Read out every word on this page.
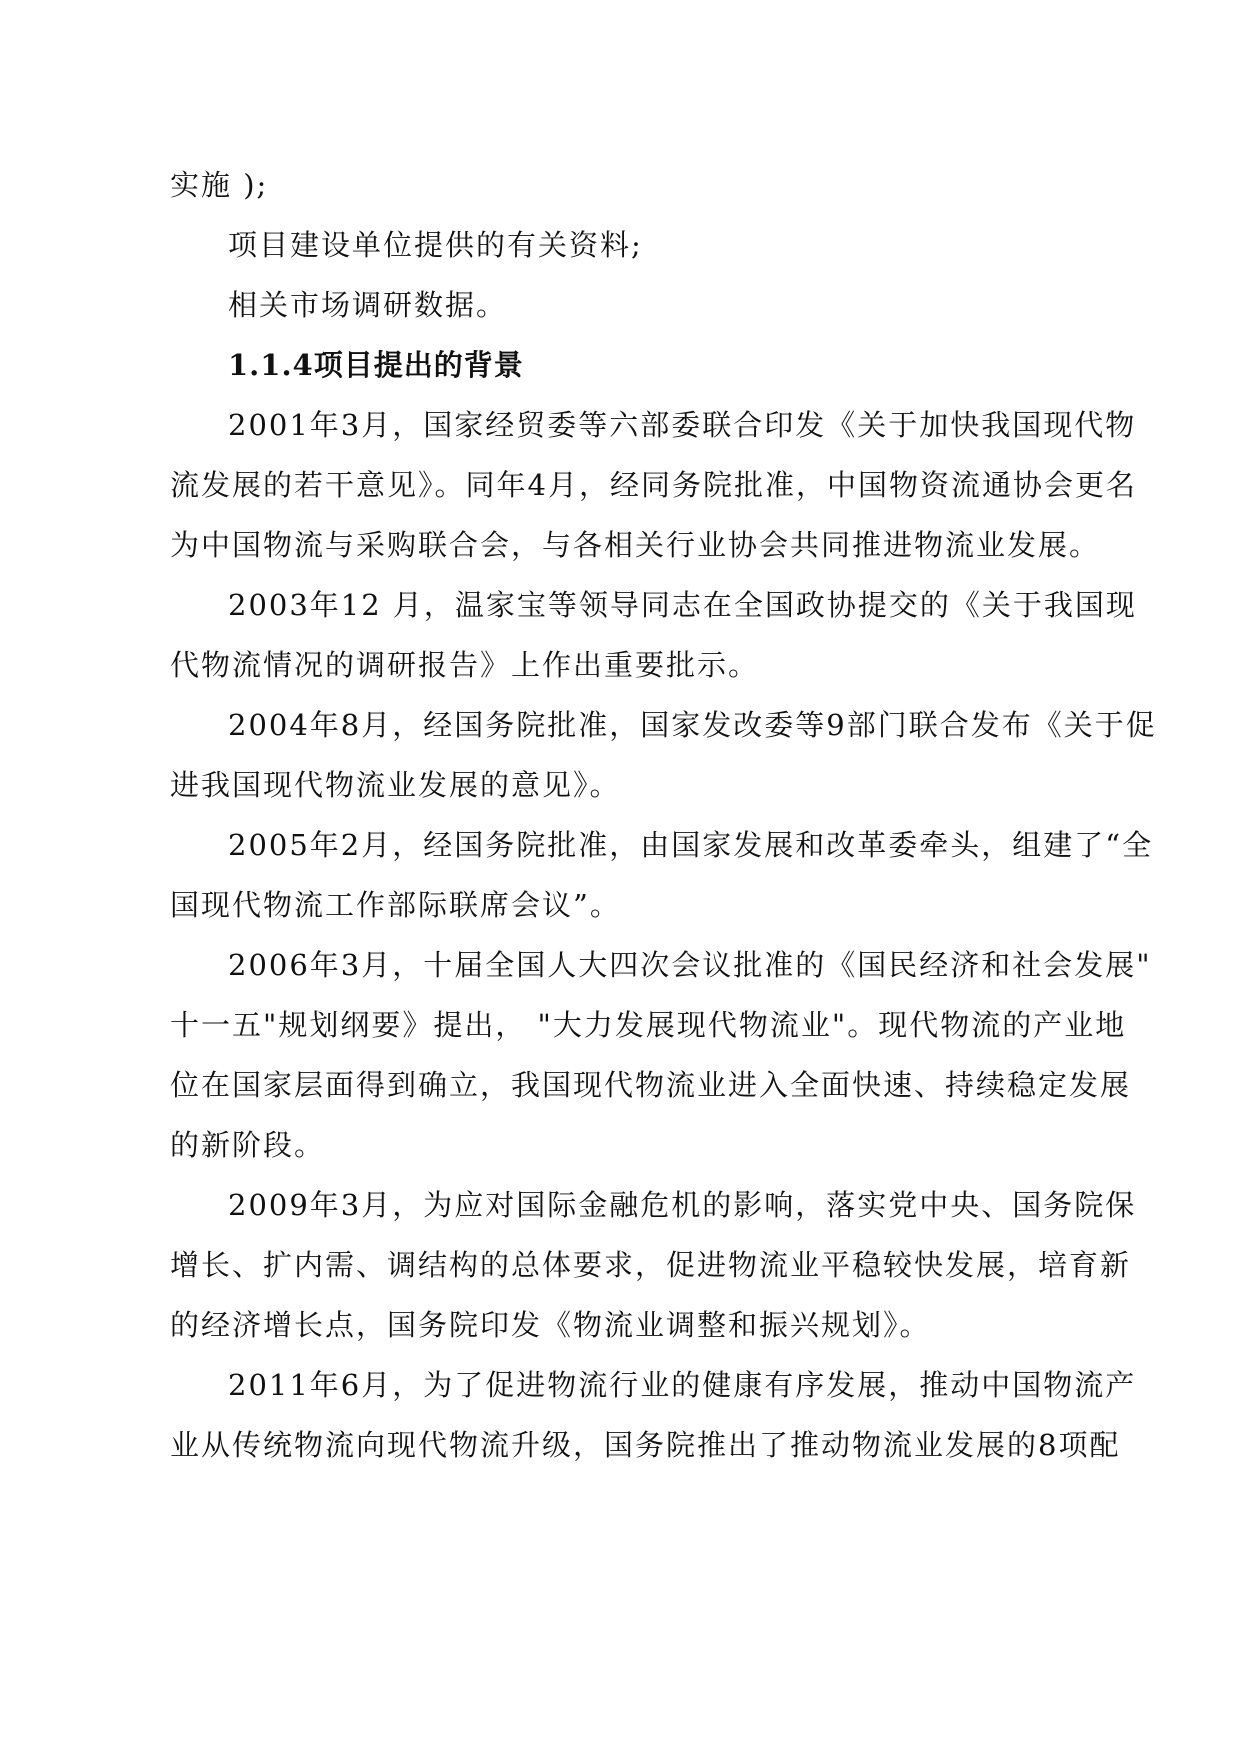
实施 );
项目建设单位提供的有关资料;
相关市场调研数据。
1.1.4项目提出的背景
2001年3月，国家经贸委等六部委联合印发《关于加快我国现代物
流发展的若干意见》。同年4月，经同务院批准，中国物资流通协会更名
为中国物流与采购联合会，与各相关行业协会共同推进物流业发展。
2003年12 月，温家宝等领导同志在全国政协提交的《关于我国现
代物流情况的调研报告》上作出重要批示。
2004年8月，经国务院批准，国家发改委等9部门联合发布《关于促
进我国现代物流业发展的意见》。
2005年2月，经国务院批准，由国家发展和改革委牵头，组建了“全
国现代物流工作部际联席会议”。
2006年3月，十届全国人大四次会议批准的《国民经济和社会发展"
十一五"规划纲要》提出， "大力发展现代物流业"。现代物流的产业地
位在国家层面得到确立，我国现代物流业进入全面快速、持续稳定发展
的新阶段。
2009年3月，为应对国际金融危机的影响，落实党中央、国务院保
增长、扩内需、调结构的总体要求，促进物流业平稳较快发展，培育新
的经济增长点，国务院印发《物流业调整和振兴规划》。
2011年6月，为了促进物流行业的健康有序发展，推动中国物流产
业从传统物流向现代物流升级，国务院推出了推动物流业发展的8项配
